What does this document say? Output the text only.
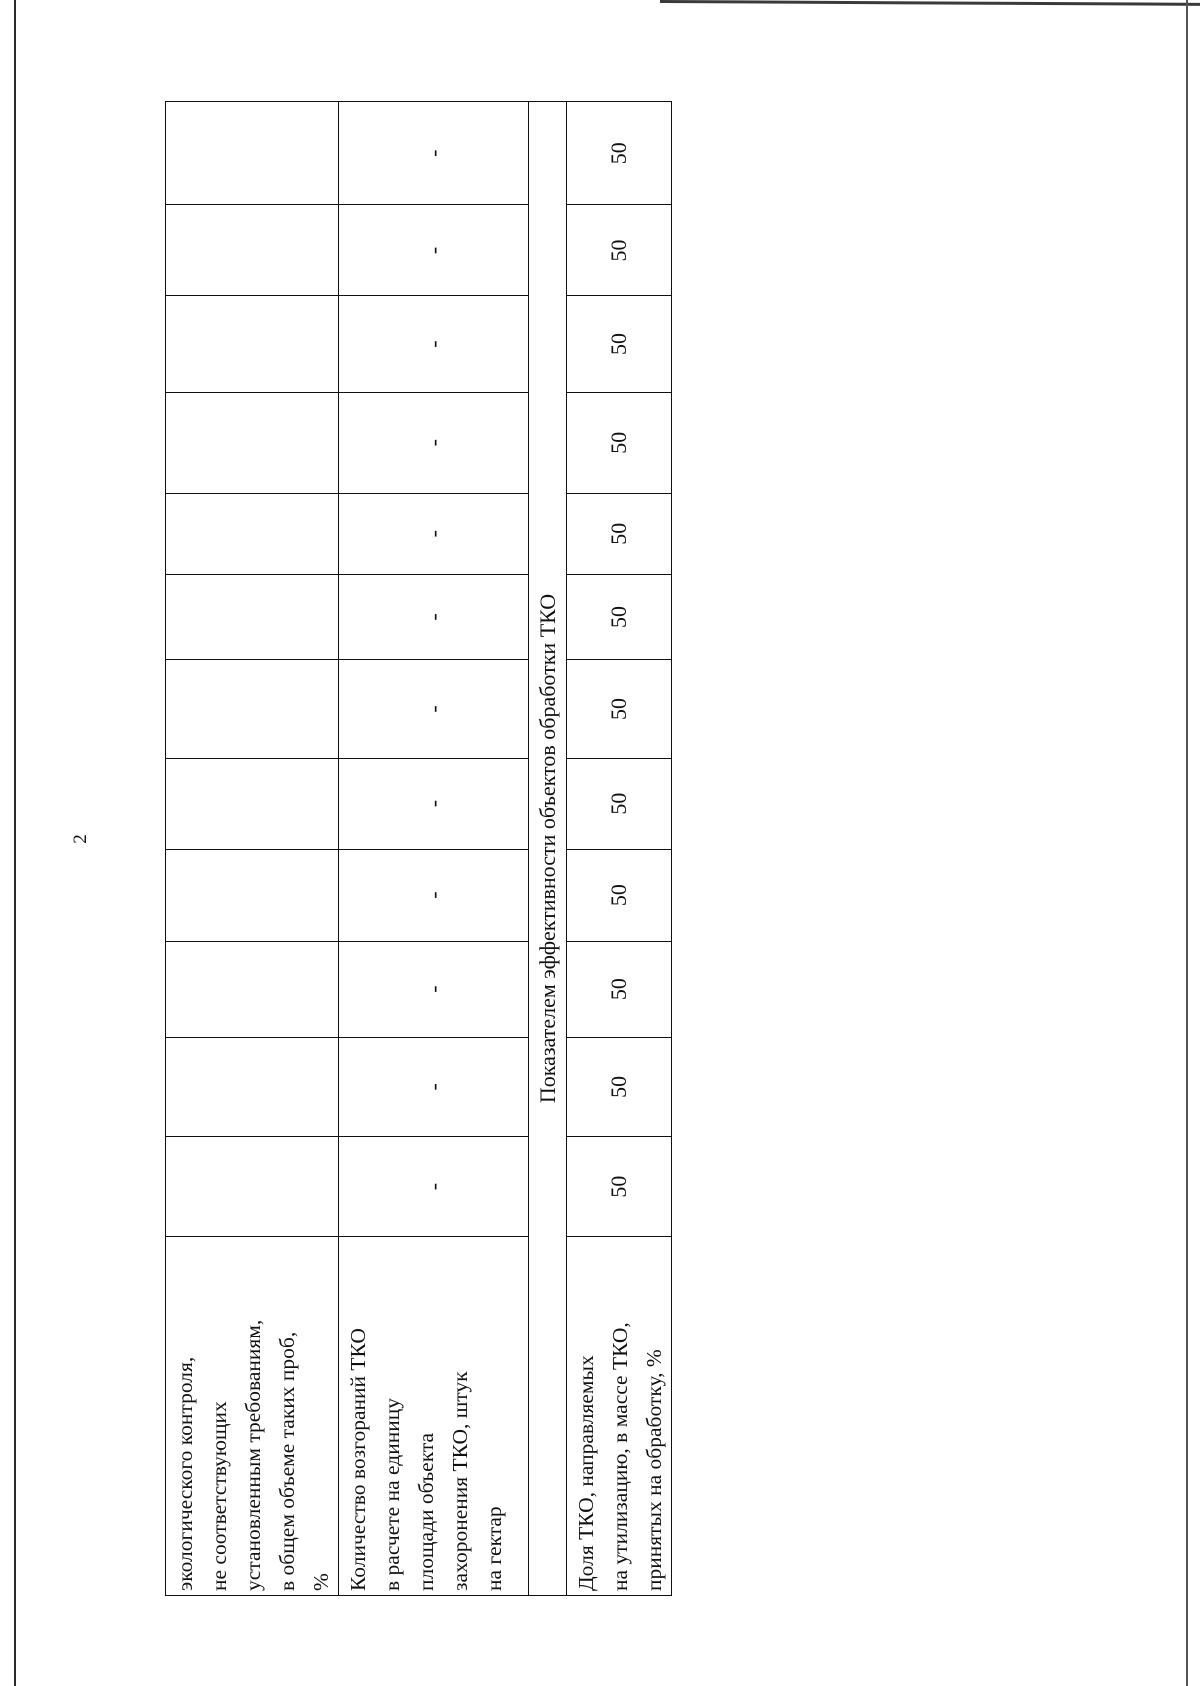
2
экологического контроля, не соответствующих установленным требованиям, в общем объеме таких проб, %												

Количество возгораний ТКО в расчете на единицу площади объекта захоронения ТКО, штук на гектар	-	-	-	-	-	-	-	-	-	-	-	-
Показателем эффективности объектов обработки ТКО												

Доля ТКО, направляемых на утилизацию, в массе ТКО, принятых на обработку, %	50	50	50	50	50	50	50	50	50	50	50	50
